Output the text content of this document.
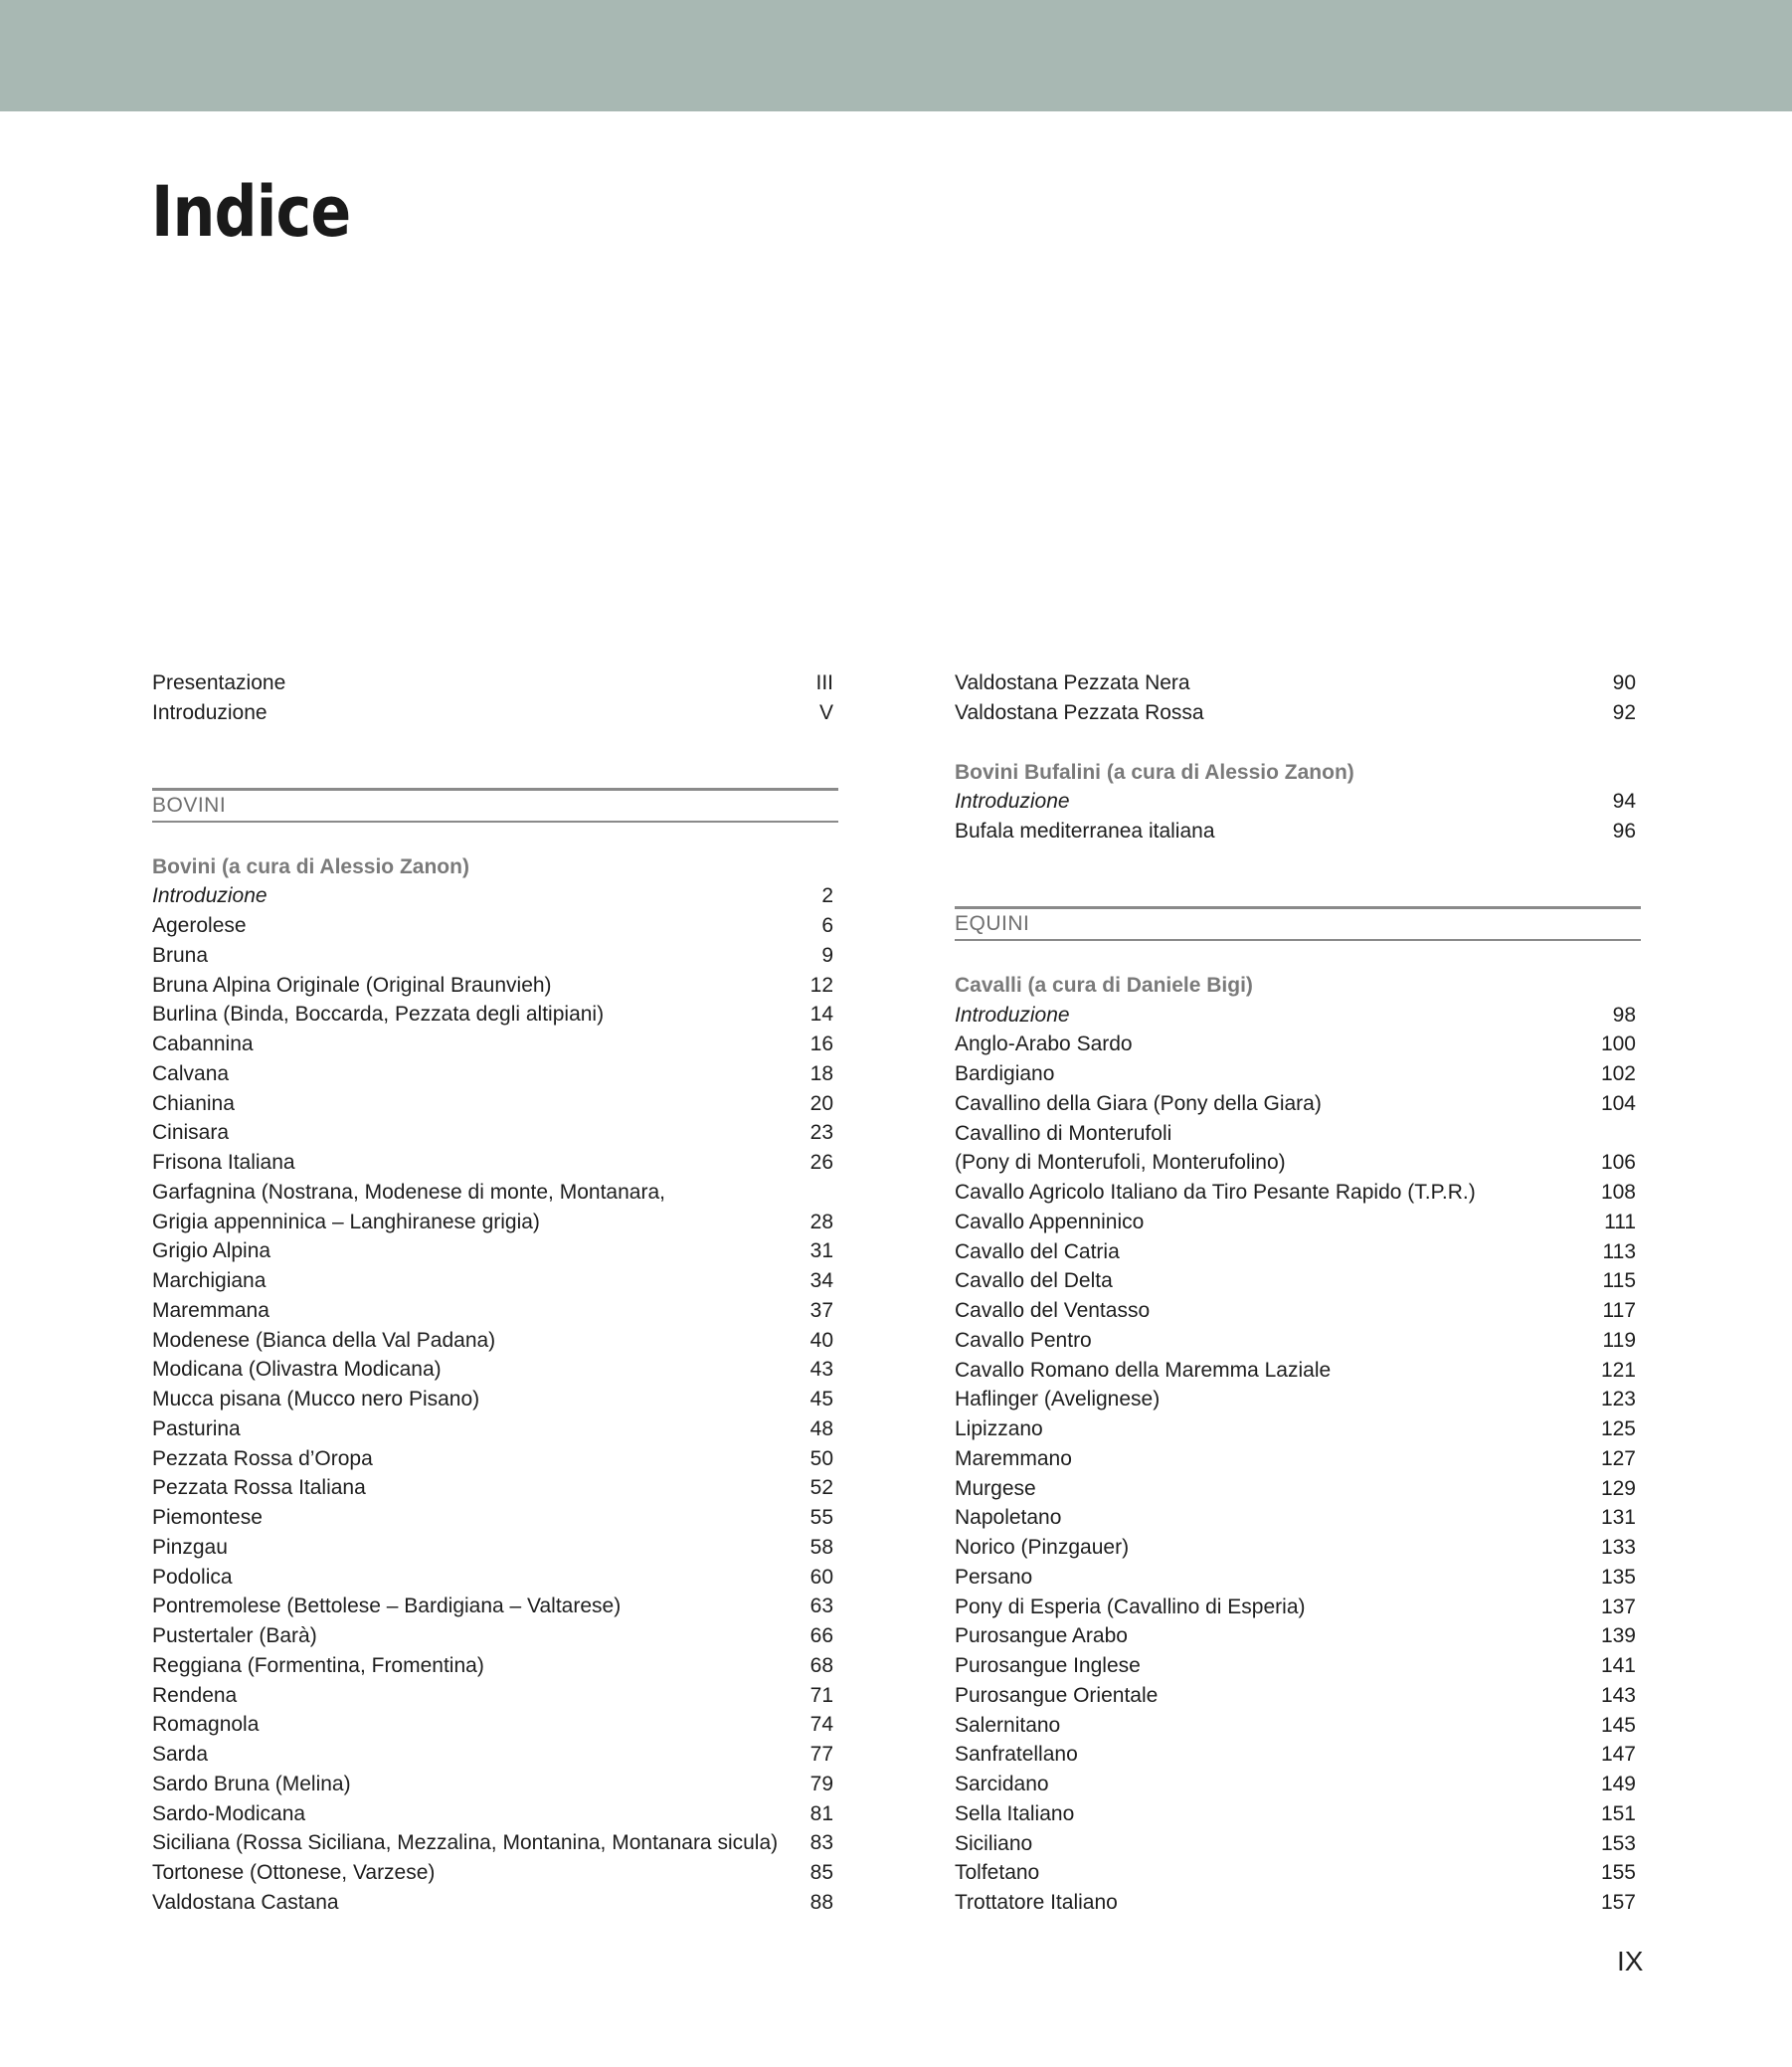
Indice
Presentazione	III
Introduzione	V
BOVINI
Bovini (a cura di Alessio Zanon)
Introduzione	2
Agerolese	6
Bruna	9
Bruna Alpina Originale (Original Braunvieh)	12
Burlina (Binda, Boccarda, Pezzata degli altipiani)	14
Cabannina	16
Calvana	18
Chianina	20
Cinisara	23
Frisona Italiana	26
Garfagnina (Nostrana, Modenese di monte, Montanara,
Grigia appenninica – Langhiranese grigia)	28
Grigio Alpina	31
Marchigiana	34
Maremmana	37
Modenese (Bianca della Val Padana)	40
Modicana (Olivastra Modicana)	43
Mucca pisana (Mucco nero Pisano)	45
Pasturina	48
Pezzata Rossa d’Oropa	50
Pezzata Rossa Italiana	52
Piemontese	55
Pinzgau	58
Podolica	60
Pontremolese (Bettolese – Bardigiana – Valtarese)	63
Pustertaler (Barà)	66
Reggiana (Formentina, Fromentina)	68
Rendena	71
Romagnola	74
Sarda	77
Sardo Bruna (Melina)	79
Sardo-Modicana	81
Siciliana (Rossa Siciliana, Mezzalina, Montanina, Montanara sicula) 83
Tortonese (Ottonese, Varzese)	85
Valdostana Castana	88
Valdostana Pezzata Nera	90
Valdostana Pezzata Rossa	92
Bovini Bufalini (a cura di Alessio Zanon)
Introduzione	94
Bufala mediterranea italiana	96
EQUINI
Cavalli (a cura di Daniele Bigi)
Introduzione	98
Anglo-Arabo Sardo	100
Bardigiano	102
Cavallino della Giara (Pony della Giara)	104
Cavallino di Monterufoli
(Pony di Monterufoli, Monterufolino)	106
Cavallo Agricolo Italiano da Tiro Pesante Rapido (T.P.R.)	108
Cavallo Appenninico	111
Cavallo del Catria	113
Cavallo del Delta	115
Cavallo del Ventasso	117
Cavallo Pentro	119
Cavallo Romano della Maremma Laziale	121
Haflinger (Avelignese)	123
Lipizzano	125
Maremmano	127
Murgese	129
Napoletano	131
Norico (Pinzgauer)	133
Persano	135
Pony di Esperia (Cavallino di Esperia)	137
Purosangue Arabo	139
Purosangue Inglese	141
Purosangue Orientale	143
Salernitano	145
Sanfratellano	147
Sarcidano	149
Sella Italiano	151
Siciliano	153
Tolfetano	155
Trottatore Italiano	157
IX
